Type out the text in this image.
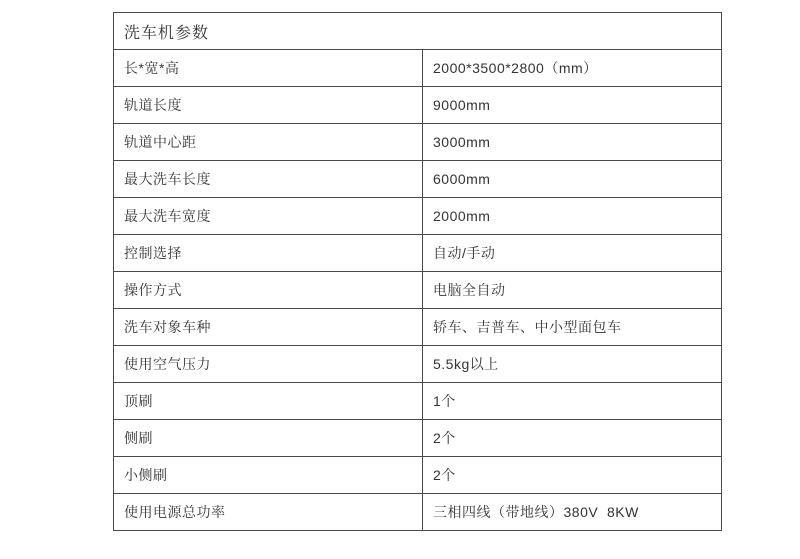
洗车机参数
长*宽*高	2000*3500*2800（mm）
轨道长度	9000mm
轨道中心距	3000mm
最大洗车长度	6000mm
最大洗车宽度	2000mm
控制选择	自动/手动
操作方式	电脑全自动
洗车对象车种	轿车、吉普车、中小型面包车
使用空气压力	5.5kg以上
顶刷	1个
侧刷	2个
小侧刷	2个
使用电源总功率	三相四线（带地线）380V  8KW
